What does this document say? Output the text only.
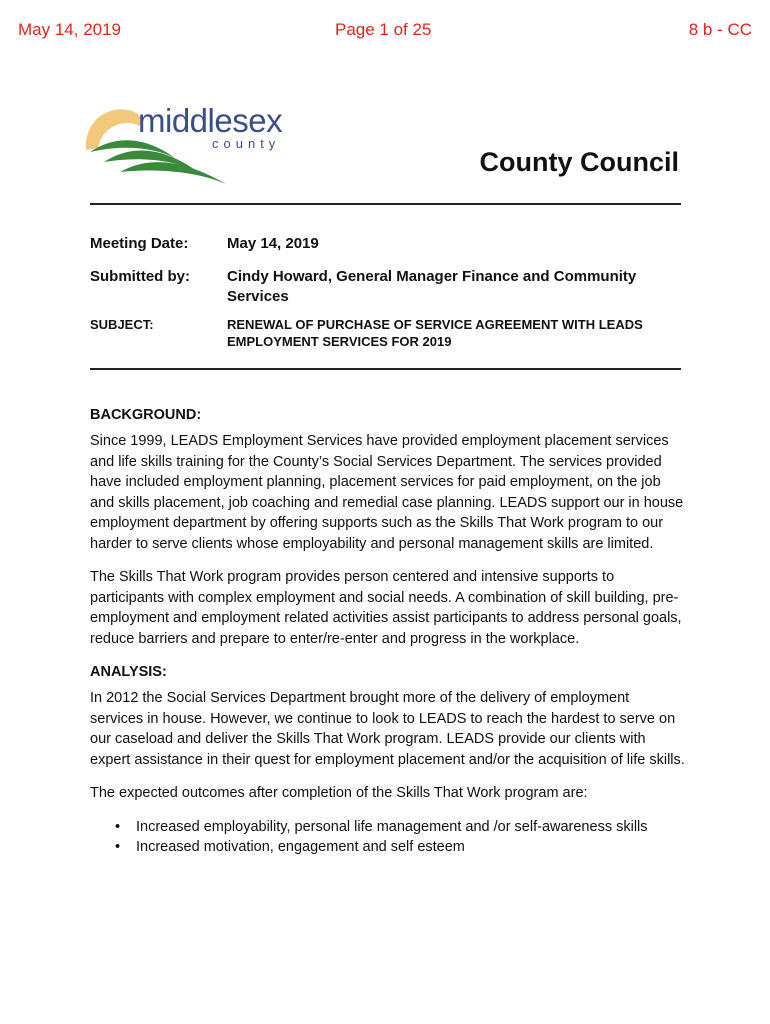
May 14, 2019	Page 1 of 25	8 b - CC
middlesex
county
County Council
Meeting Date:	May 14, 2019
Submitted by: Cindy Howard, General Manager Finance and Community Services
SUBJECT:	RENEWAL OF PURCHASE OF SERVICE AGREEMENT WITH LEADS EMPLOYMENT SERVICES FOR 2019
BACKGROUND:

Since 1999, LEADS Employment Services have provided employment placement services and life skills training for the County’s Social Services Department. The services provided have included employment planning, placement services for paid employment, on the job and skills placement, job coaching and remedial case planning. LEADS support our in house employment department by offering supports such as the Skills That Work program to our harder to serve clients whose employability and personal management skills are limited.

The Skills That Work program provides person centered and intensive supports to participants with complex employment and social needs. A combination of skill building, pre-employment and employment related activities assist participants to address personal goals, reduce barriers and prepare to enter/re-enter and progress in the workplace.

ANALYSIS:

In 2012 the Social Services Department brought more of the delivery of employment services in house. However, we continue to look to LEADS to reach the hardest to serve on our caseload and deliver the Skills That Work program. LEADS provide our clients with expert assistance in their quest for employment placement and/or the acquisition of life skills.

The expected outcomes after completion of the Skills That Work program are:

• Increased employability, personal life management and /or self-awareness skills
• Increased motivation, engagement and self esteem
